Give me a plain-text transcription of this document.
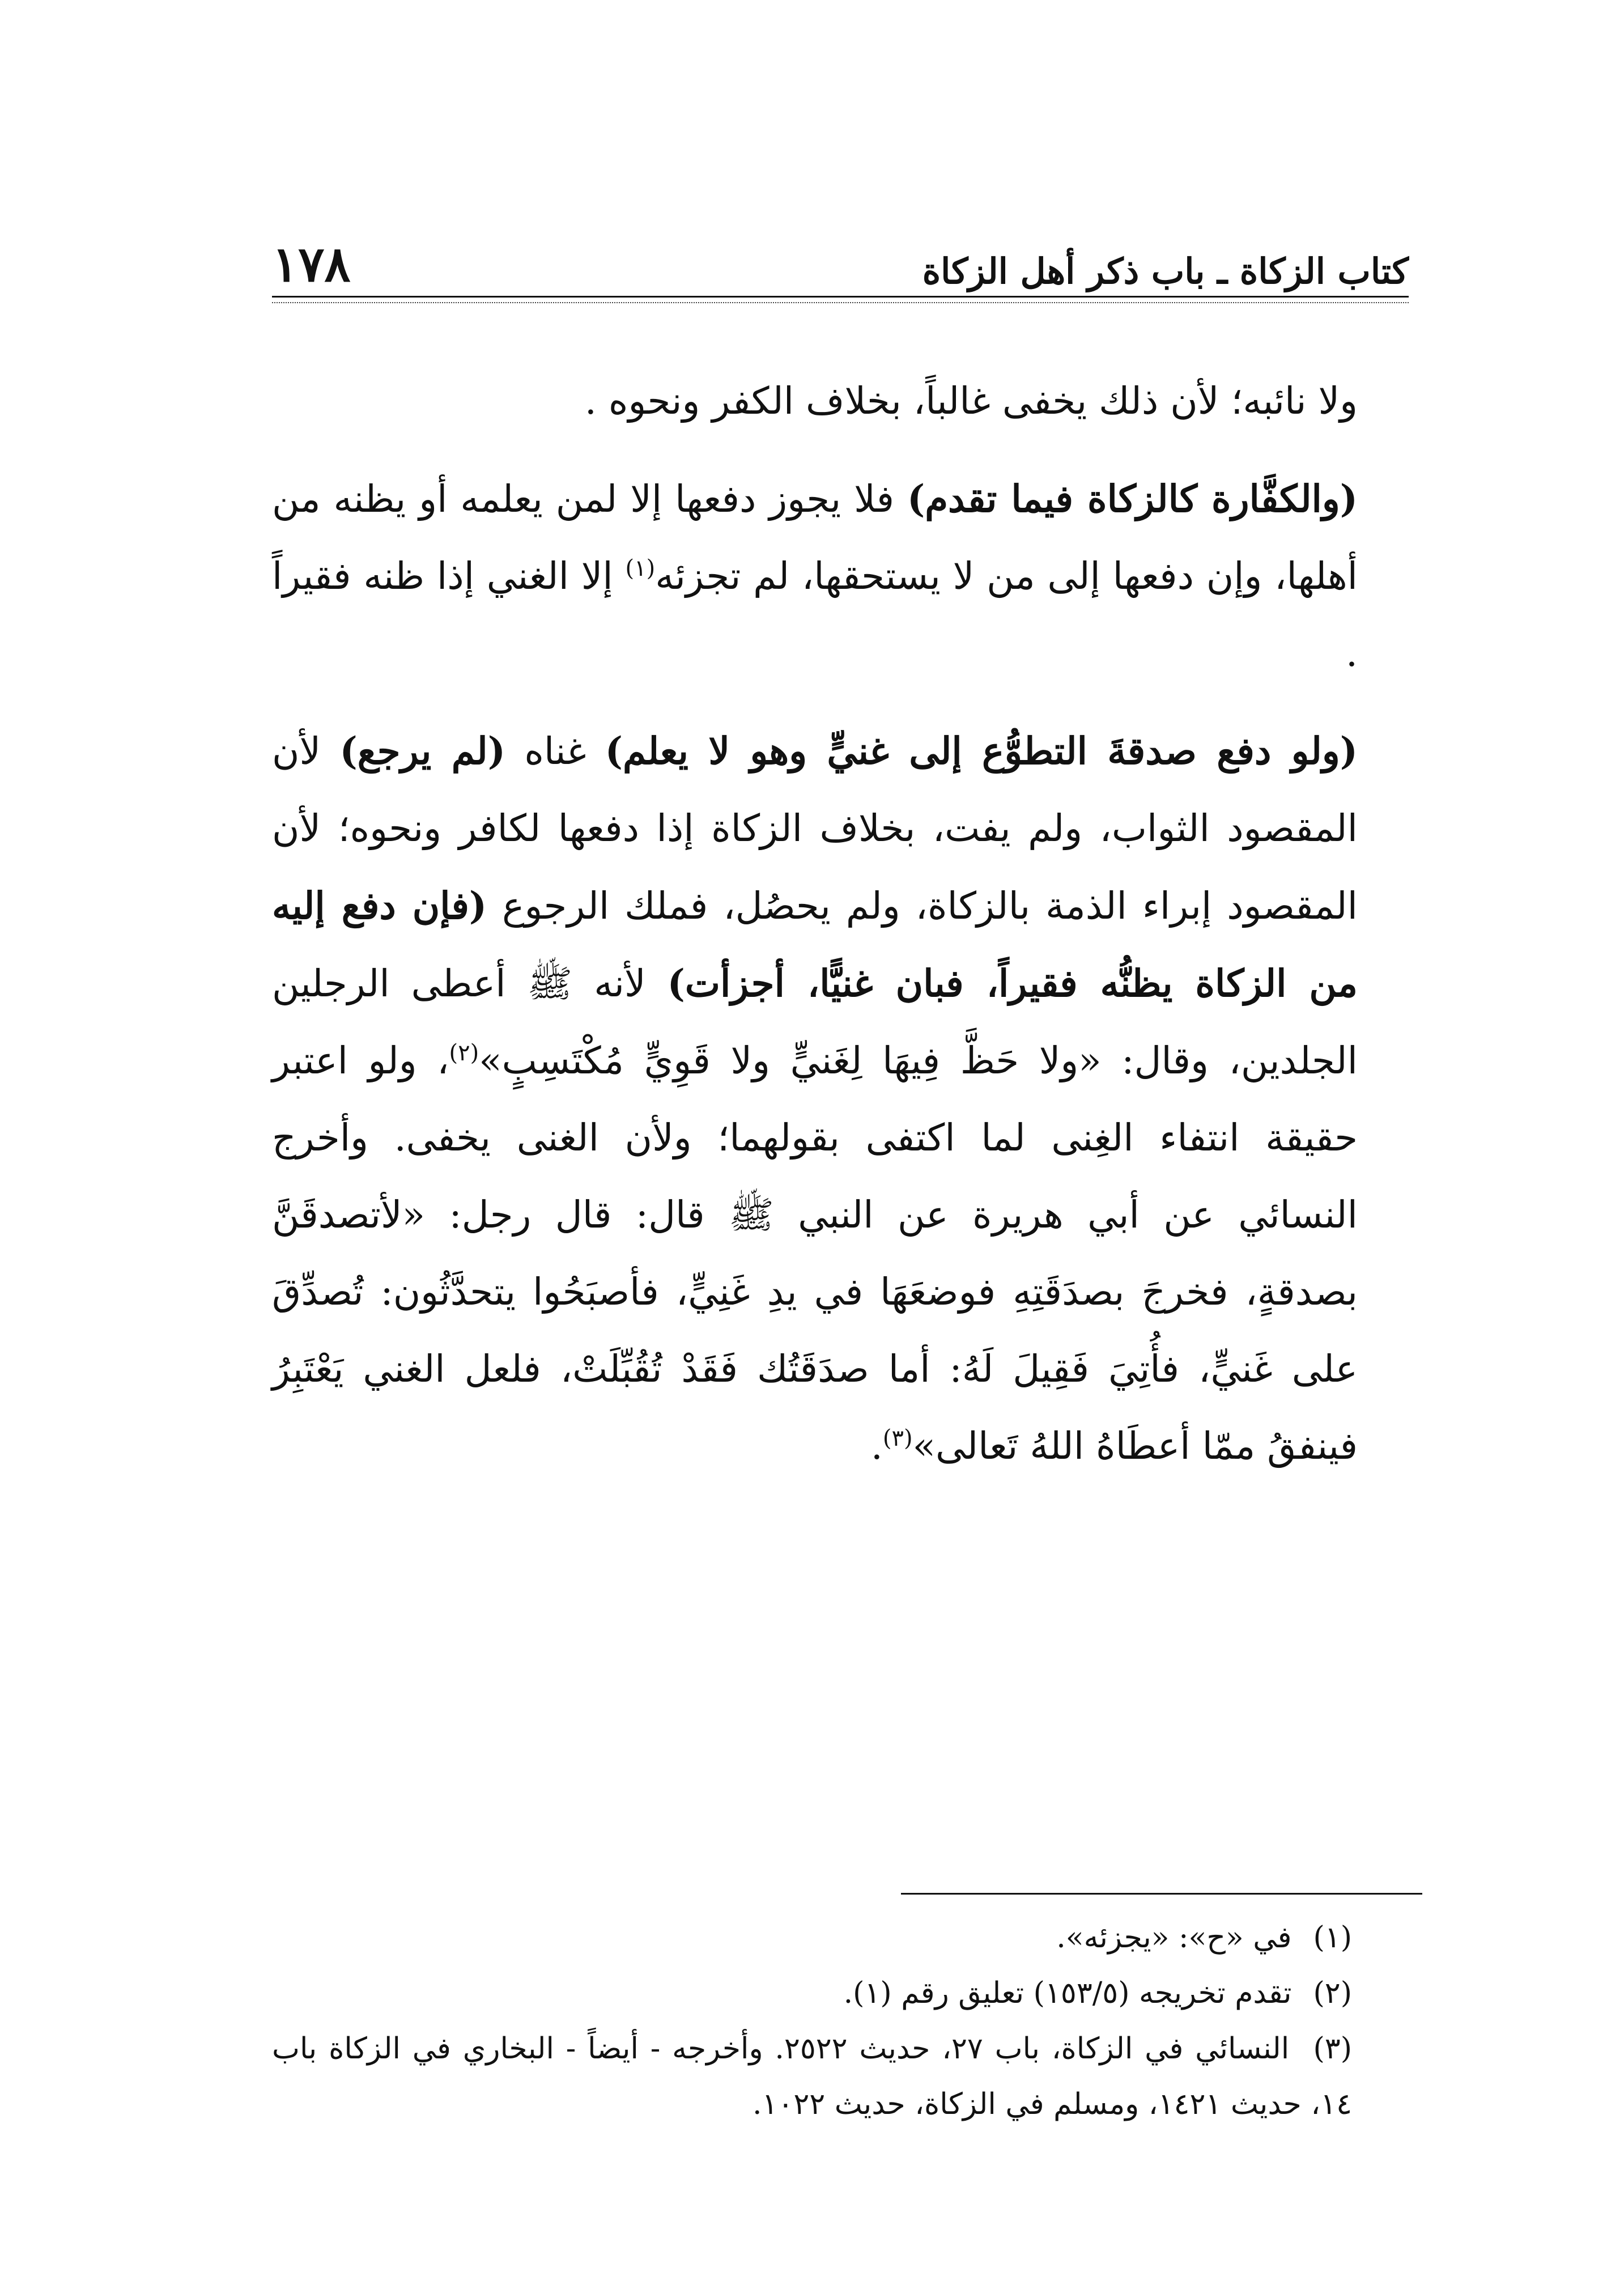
كتاب الزكاة ـ باب ذكر أهل الزكاة
١٧٨

ولا نائبه؛ لأن ذلك يخفى غالباً، بخلاف الكفر ونحوه .

(والكفَّارة كالزكاة فيما تقدم) فلا يجوز دفعها إلا لمن يعلمه أو يظنه من أهلها، وإن دفعها إلى من لا يستحقها، لم تجزئه$^{(١)}$ إلا الغني إذا ظنه فقيراً .

(ولو دفع صدقةَ التطوُّع إلى غنيٍّ وهو لا يعلم) غناه (لم يرجع) لأن المقصود الثواب، ولم يفت، بخلاف الزكاة إذا دفعها لكافر ونحوه؛ لأن المقصود إبراء الذمة بالزكاة، ولم يحصُل، فملك الرجوع (فإن دفع إليه من الزكاة يظنُّه فقيراً، فبان غنيًّا، أجزأت) لأنه ﷺ أعطى الرجلين الجلدين، وقال: «ولا حَظَّ فِيهَا لِغَنيٍّ ولا قَوِيٍّ مُكْتَسِبٍ»$^{(٢)}$، ولو اعتبر حقيقة انتفاء الغِنى لما اكتفى بقولهما؛ ولأن الغنى يخفى. وأخرج النسائي عن أبي هريرة عن النبي ﷺ قال: قال رجل: «لأتصدقَنَّ بصدقةٍ، فخرجَ بصدَقَتِهِ فوضعَهَا في يدِ غَنِيٍّ، فأصبَحُوا يتحدَّثُون: تُصدِّقَ على غَنيٍّ، فأُتِيَ فَقِيلَ لَهُ: أما صدَقَتُك فَقَدْ تُقُبِّلَتْ، فلعل الغني يَعْتَبِرُ فينفقُ ممّا أعطَاهُ اللهُ تَعالى»$^{(٣)}$.

(١) في «ح»: «يجزئه».

(٢) تقدم تخريجه (١٥٣/٥) تعليق رقم (١).

(٣) النسائي في الزكاة، باب ٢٧، حديث ٢٥٢٢. وأخرجه - أيضاً - البخاري في الزكاة باب ١٤، حديث ١٤٢١، ومسلم في الزكاة، حديث ١٠٢٢.
